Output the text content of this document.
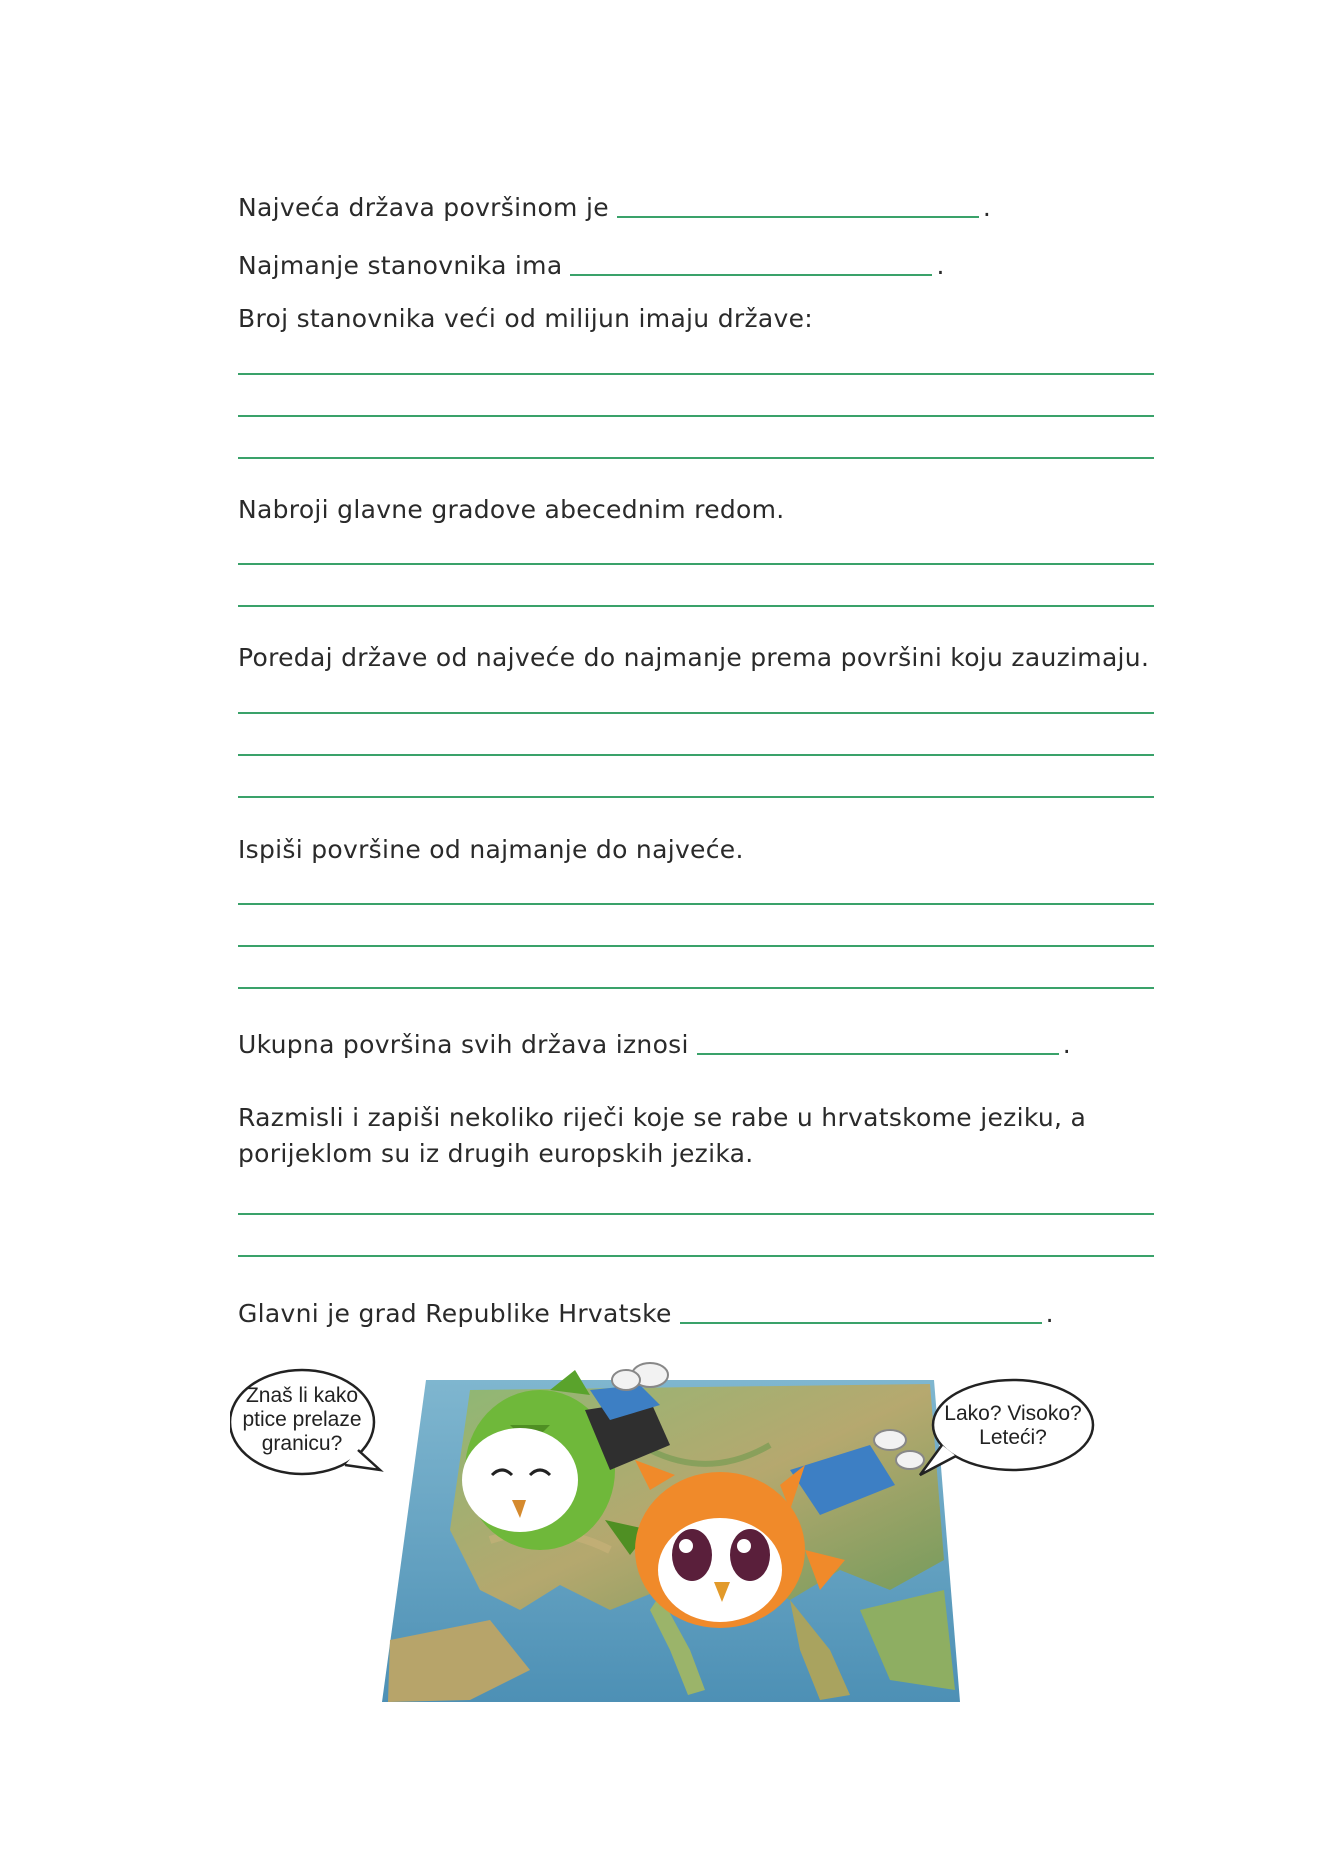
Najveća država površinom je	.
Najmanje stanovnika ima	.
Broj stanovnika veći od milijun imaju države:
Nabroji glavne gradove abecednim redom.
Poredaj države od najveće do najmanje prema površini koju zauzimaju.
Ispiši površine od najmanje do najveće.
Ukupna površina svih država iznosi	.
Razmisli i zapiši nekoliko riječi koje se rabe u hrvatskome jeziku, a
porijeklom su iz drugih europskih jezika.
Glavni je grad Republike Hrvatske	.
Znaš li kako
ptice prelaze
granicu?
Lako? Visoko?
Leteći?
